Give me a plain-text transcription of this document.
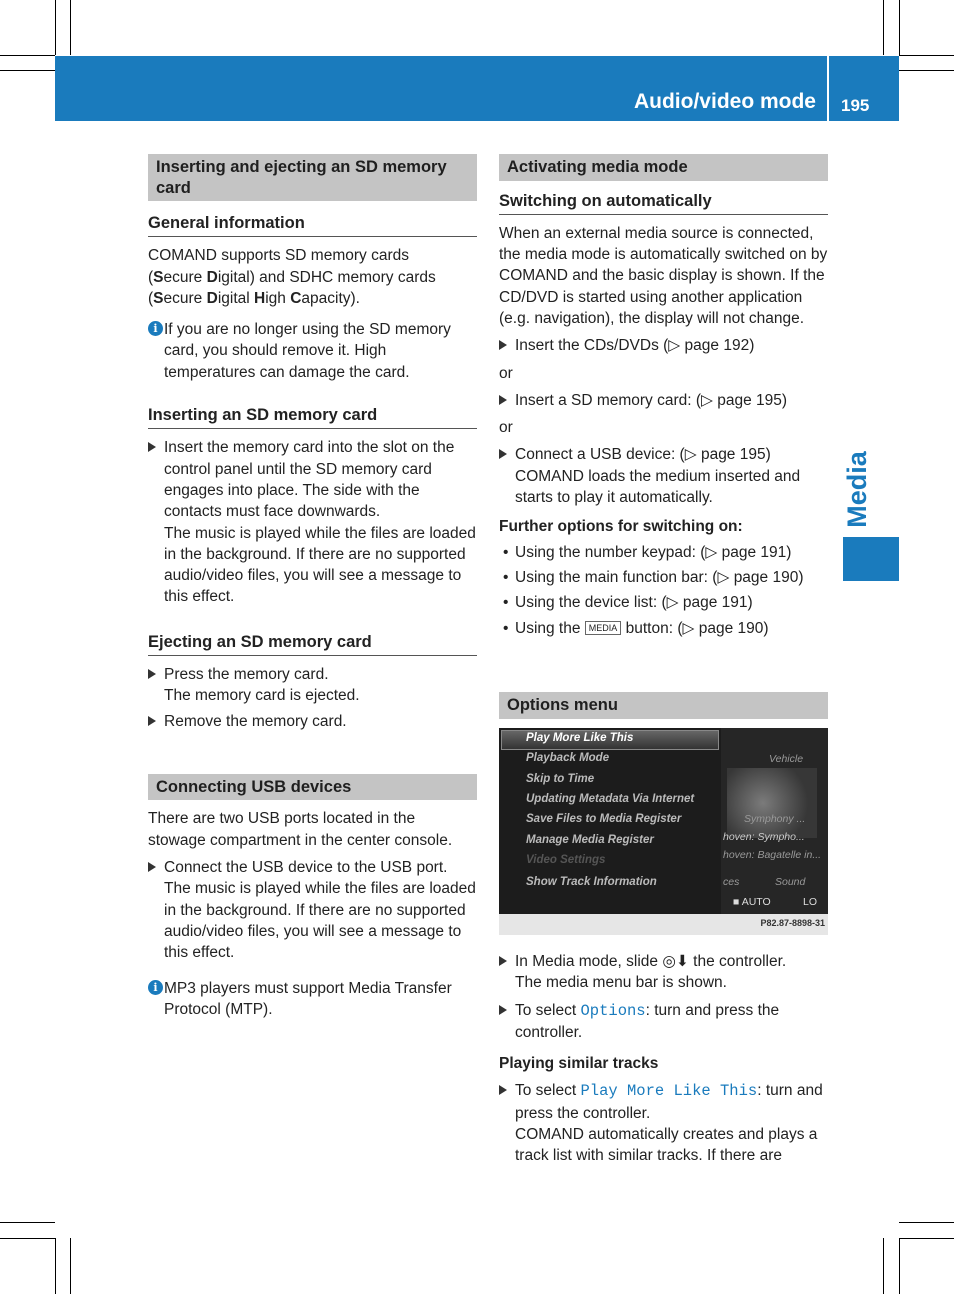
Audio/video mode 195
Media
Inserting and ejecting an SD memory card
General information

COMAND supports SD memory cards
(Secure Digital) and SDHC memory cards
(Secure Digital High Capacity).

i If you are no longer using the SD memory card, you should remove it. High temperatures can damage the card.
Inserting an SD memory card
Insert the memory card into the slot on the control panel until the SD memory card engages into place. The side with the contacts must face downwards.
The music is played while the files are loaded in the background. If there are no supported audio/video files, you will see a message to this effect.
Ejecting an SD memory card
Press the memory card.
The memory card is ejected.
Remove the memory card.
Connecting USB devices

There are two USB ports located in the stowage compartment in the center console.

Connect the USB device to the USB port.
The music is played while the files are loaded in the background. If there are no supported audio/video files, you will see a message to this effect.
i MP3 players must support Media Transfer Protocol (MTP).
Activating media mode
Switching on automatically

When an external media source is connected, the media mode is automatically switched on by COMAND and the basic display is shown. If the CD/DVD is started using another application (e.g. navigation), the display will not change.

Insert the CDs/DVDs (▷ page 192)
or
Insert a SD memory card: (▷ page 195)
or
Connect a USB device: (▷ page 195)
COMAND loads the medium inserted and starts to play it automatically.
Further options for switching on:
• Using the number keypad: (▷ page 191)
• Using the main function bar: (▷ page 190)
• Using the device list: (▷ page 191)
• Using the MEDIA button: (▷ page 190)
Options menu
Play More Like This
Playback Mode
Skip to Time
Updating Metadata Via Internet
Save Files to Media Register
Manage Media Register
Video Settings
Show Track Information
Vehicle
Symphony ...
hoven: Sympho...
hoven: Bagatelle in...
ces	Sound
■ AUTO	LO
P82.87-8898-31
In Media mode, slide ◎⬇ the controller.
The media menu bar is shown.
To select Options: turn and press the controller.
Playing similar tracks
To select Play More Like This: turn and press the controller.
COMAND automatically creates and plays a track list with similar tracks. If there are
